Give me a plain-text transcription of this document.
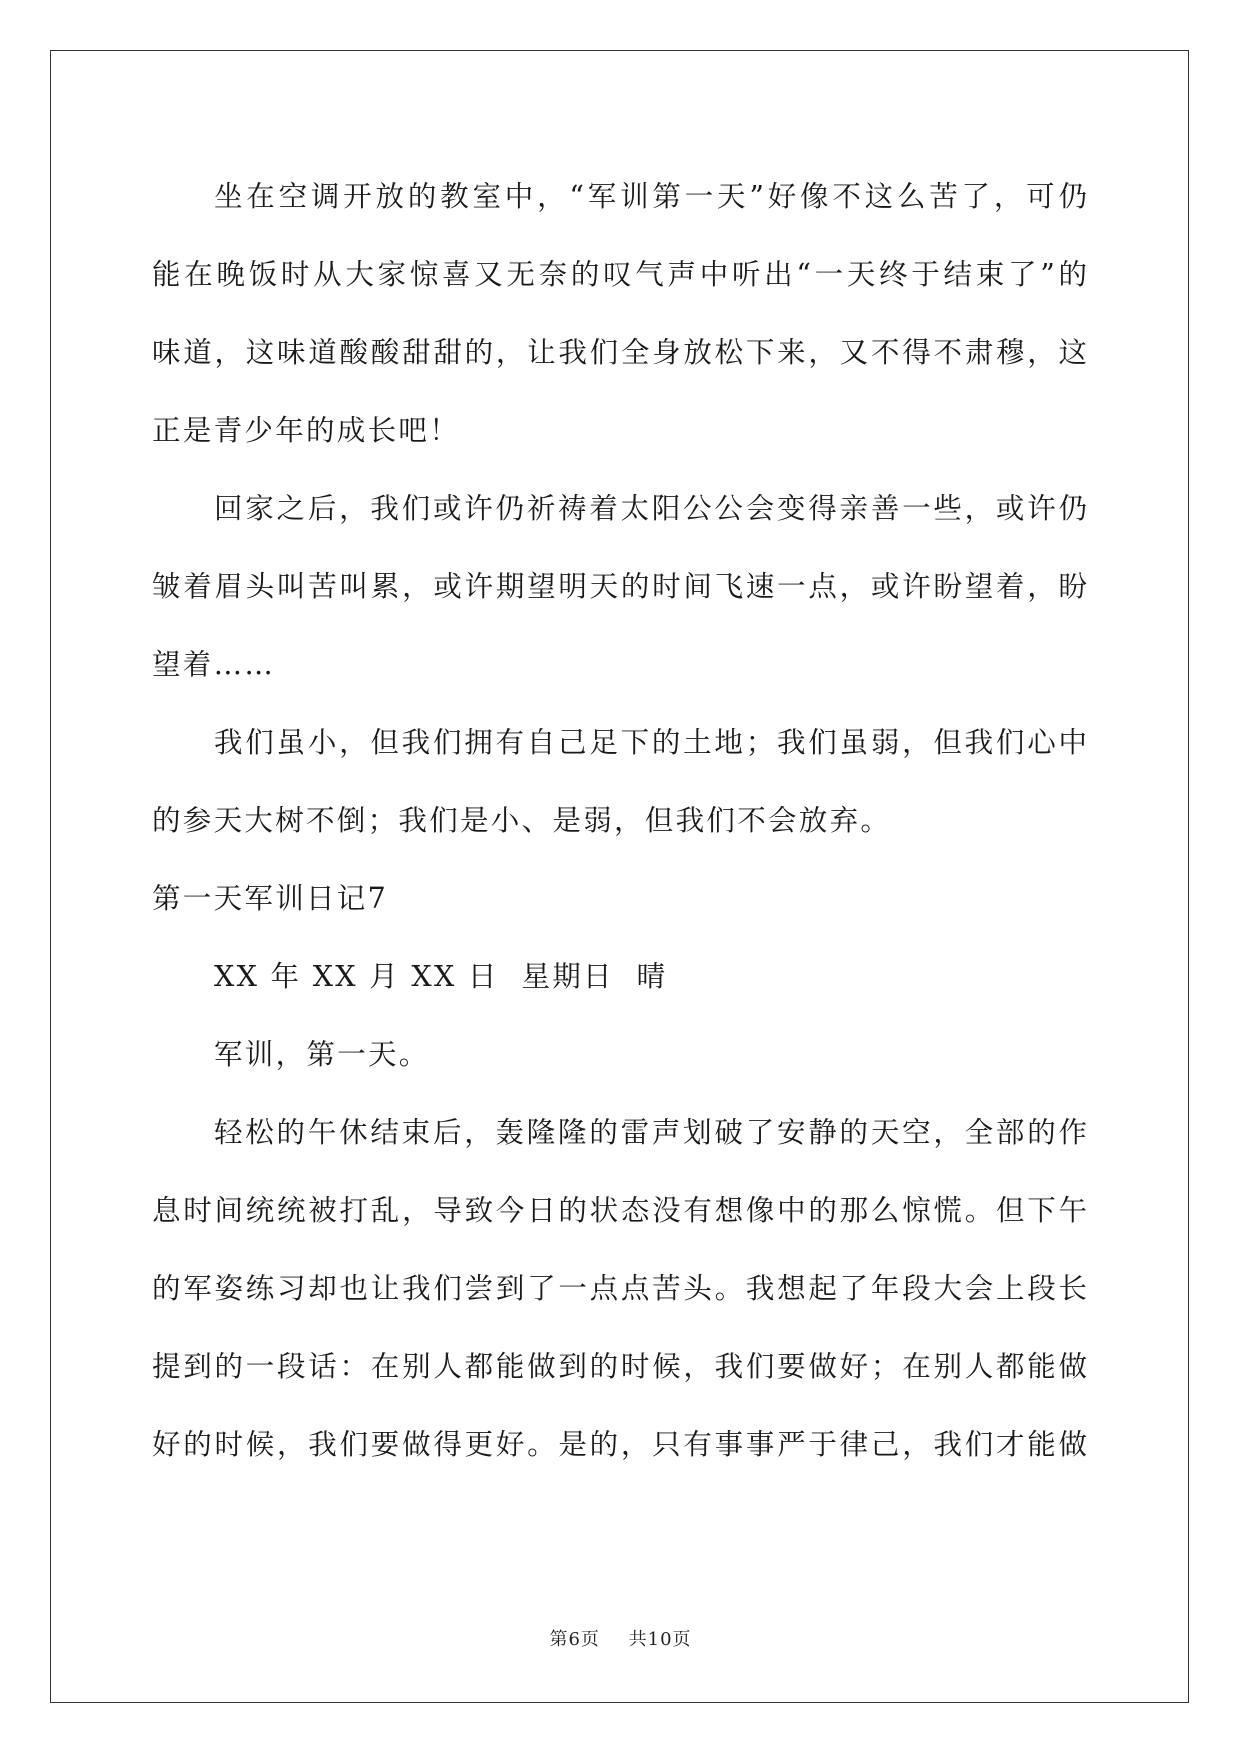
坐在空调开放的教室中，“军训第一天”好像不这么苦了，可仍
能在晚饭时从大家惊喜又无奈的叹气声中听出“一天终于结束了”的
味道，这味道酸酸甜甜的，让我们全身放松下来，又不得不肃穆，这
正是青少年的成长吧！
回家之后，我们或许仍祈祷着太阳公公会变得亲善一些，或许仍
皱着眉头叫苦叫累，或许期望明天的时间飞速一点，或许盼望着，盼
望着……
我们虽小，但我们拥有自己足下的土地；我们虽弱，但我们心中
的参天大树不倒；我们是小、是弱，但我们不会放弃。
第一天军训日记7
XX 年 XX 月 XX 日  星期日  晴
军训，第一天。
轻松的午休结束后，轰隆隆的雷声划破了安静的天空，全部的作
息时间统统被打乱，导致今日的状态没有想像中的那么惊慌。但下午
的军姿练习却也让我们尝到了一点点苦头。我想起了年段大会上段长
提到的一段话：在别人都能做到的时候，我们要做好；在别人都能做
好的时候，我们要做得更好。是的，只有事事严于律己，我们才能做
第6页 共10页
